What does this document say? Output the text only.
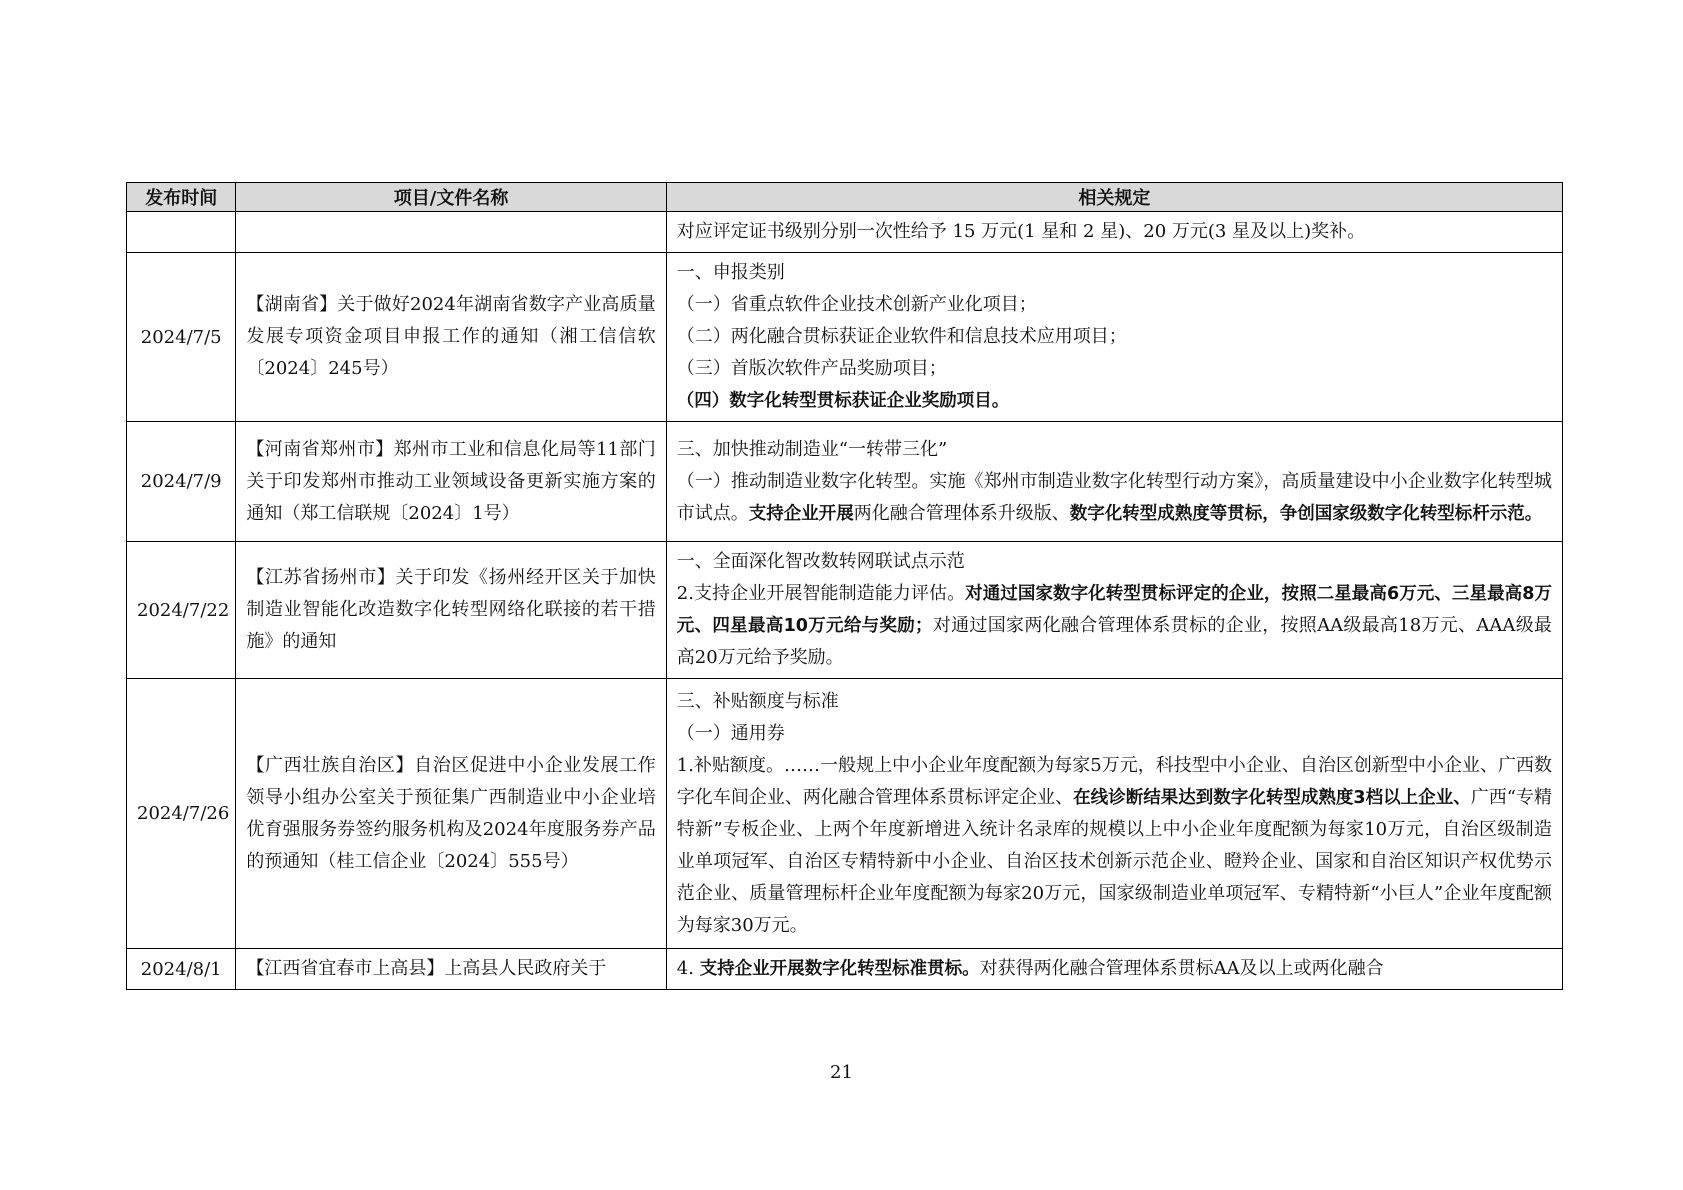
发布时间	项目/文件名称	相关规定

		对应评定证书级别分别一次性给予 15 万元(1 星和 2 星)、20 万元(3 星及以上)奖补。

2024/7/5	【湖南省】关于做好2024年湖南省数字产业高质量发展专项资金项目申报工作的通知（湘工信信软〔2024〕245号）	一、申报类别
（一）省重点软件企业技术创新产业化项目；
（二）两化融合贯标获证企业软件和信息技术应用项目；
（三）首版次软件产品奖励项目；
（四）数字化转型贯标获证企业奖励项目。

2024/7/9	【河南省郑州市】郑州市工业和信息化局等11部门关于印发郑州市推动工业领域设备更新实施方案的通知（郑工信联规〔2024〕1号）	三、加快推动制造业“一转带三化”
（一）推动制造业数字化转型。实施《郑州市制造业数字化转型行动方案》，高质量建设中小企业数字化转型城市试点。支持企业开展两化融合管理体系升级版、数字化转型成熟度等贯标，争创国家级数字化转型标杆示范。

2024/7/22	【江苏省扬州市】关于印发《扬州经开区关于加快制造业智能化改造数字化转型网络化联接的若干措施》的通知	一、全面深化智改数转网联试点示范
2.支持企业开展智能制造能力评估。对通过国家数字化转型贯标评定的企业，按照二星最高6万元、三星最高8万元、四星最高10万元给与奖励；对通过国家两化融合管理体系贯标的企业，按照AA级最高18万元、AAA级最高20万元给予奖励。

2024/7/26	【广西壮族自治区】自治区促进中小企业发展工作领导小组办公室关于预征集广西制造业中小企业培优育强服务券签约服务机构及2024年度服务券产品的预通知（桂工信企业〔2024〕555号）	三、补贴额度与标准
（一）通用券
1.补贴额度。……一般规上中小企业年度配额为每家5万元，科技型中小企业、自治区创新型中小企业、广西数字化车间企业、两化融合管理体系贯标评定企业、在线诊断结果达到数字化转型成熟度3档以上企业、广西“专精特新”专板企业、上两个年度新增进入统计名录库的规模以上中小企业年度配额为每家10万元，自治区级制造业单项冠军、自治区专精特新中小企业、自治区技术创新示范企业、瞪羚企业、国家和自治区知识产权优势示范企业、质量管理标杆企业年度配额为每家20万元，国家级制造业单项冠军、专精特新“小巨人”企业年度配额为每家30万元。

2024/8/1	【江西省宜春市上高县】上高县人民政府关于	4. 支持企业开展数字化转型标准贯标。对获得两化融合管理体系贯标AA及以上或两化融合
21
